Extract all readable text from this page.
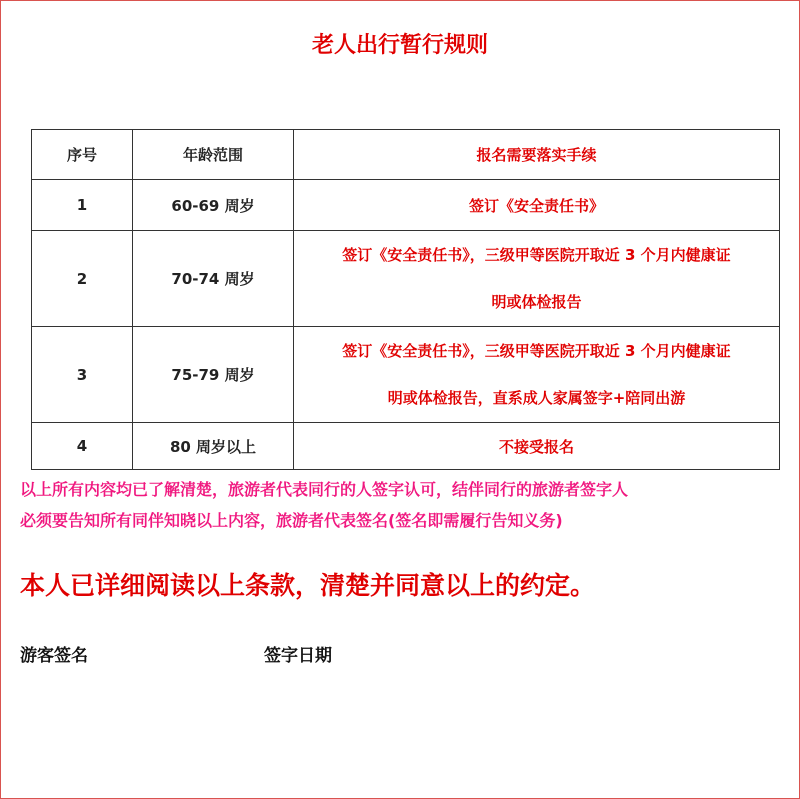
老人出行暂行规则
序号	年龄范围	报名需要落实手续
1	60-69 周岁	签订《安全责任书》

2	70-74 周岁	签订《安全责任书》，三级甲等医院开取近 3 个月内健康证
明或体检报告

3	75-79 周岁	签订《安全责任书》，三级甲等医院开取近 3 个月内健康证
明或体检报告，直系成人家属签字+陪同出游

4	80 周岁以上	不接受报名
以上所有内容均已了解清楚，旅游者代表同行的人签字认可，结伴同行的旅游者签字人
必须要告知所有同伴知晓以上内容，旅游者代表签名(签名即需履行告知义务)
本人已详细阅读以上条款，清楚并同意以上的约定。
游客签名	签字日期
